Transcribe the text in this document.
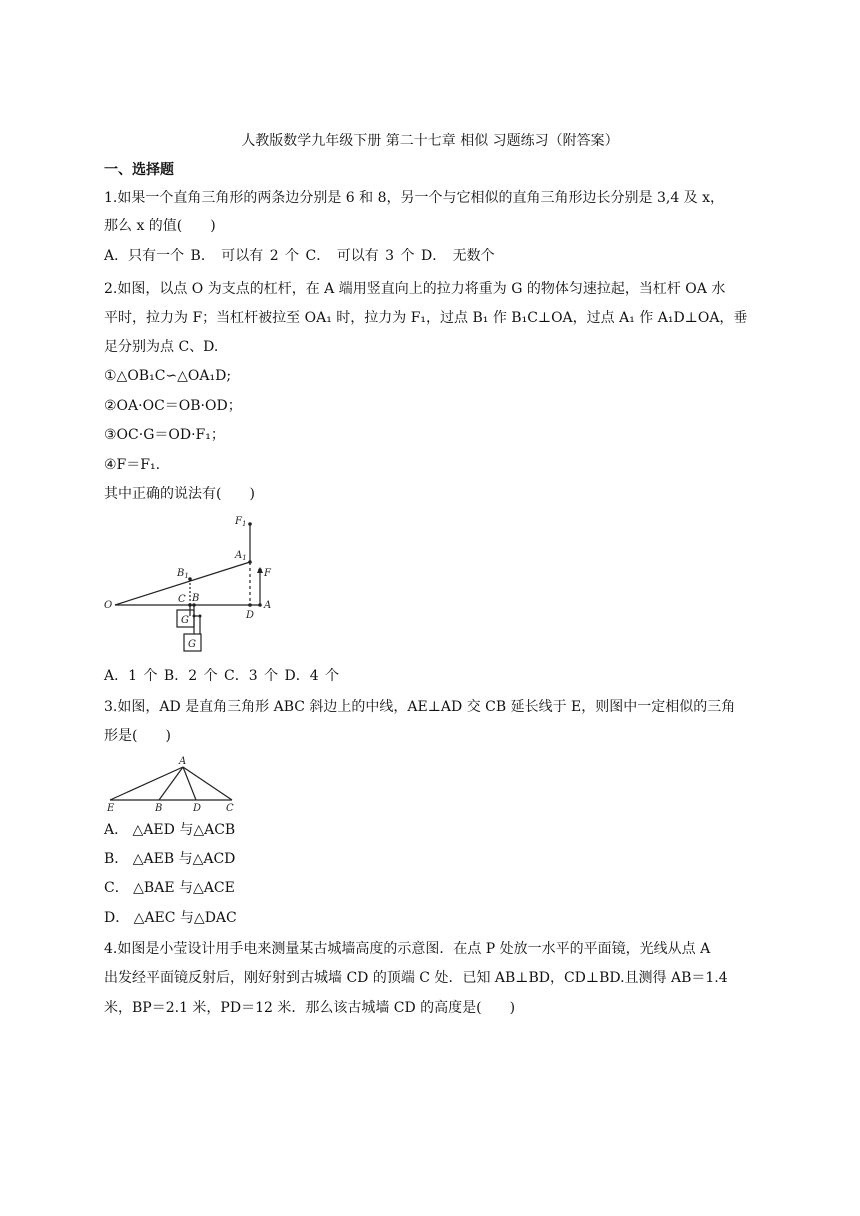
人教版数学九年级下册 第二十七章 相似 习题练习（附答案）
一、选择题
1.如果一个直角三角形的两条边分别是 6 和 8，另一个与它相似的直角三角形边长分别是 3,4 及 x，
那么 x 的值(　　)
A．只有一个 B． 可以有 2 个 C． 可以有 3 个 D． 无数个
2.如图，以点 O 为支点的杠杆，在 A 端用竖直向上的拉力将重为 G 的物体匀速拉起，当杠杆 OA 水
平时，拉力为 F；当杠杆被拉至 OA₁ 时，拉力为 F₁，过点 B₁ 作 B₁C⊥OA，过点 A₁ 作 A₁D⊥OA，垂
足分别为点 C、D.
①△OB₁C∽△OA₁D;
②OA·OC＝OB·OD；
③OC·G＝OD·F₁；
④F＝F₁.
其中正确的说法有(　　)
$F_1$
$A_1$
$B_1$	F
O
C B
A
D
G
G
A．1 个 B．2 个 C．3 个 D．4 个
3.如图，AD 是直角三角形 ABC 斜边上的中线，AE⊥AD 交 CB 延长线于 E，则图中一定相似的三角
形是(　　)
A
E	B	D C
A． △AED 与△ACB
B． △AEB 与△ACD
C． △BAE 与△ACE
D． △AEC 与△DAC
4.如图是小莹设计用手电来测量某古城墙高度的示意图．在点 P 处放一水平的平面镜，光线从点 A
出发经平面镜反射后，刚好射到古城墙 CD 的顶端 C 处．已知 AB⊥BD，CD⊥BD.且测得 AB＝1.4
米，BP＝2.1 米，PD＝12 米．那么该古城墙 CD 的高度是(　　)
